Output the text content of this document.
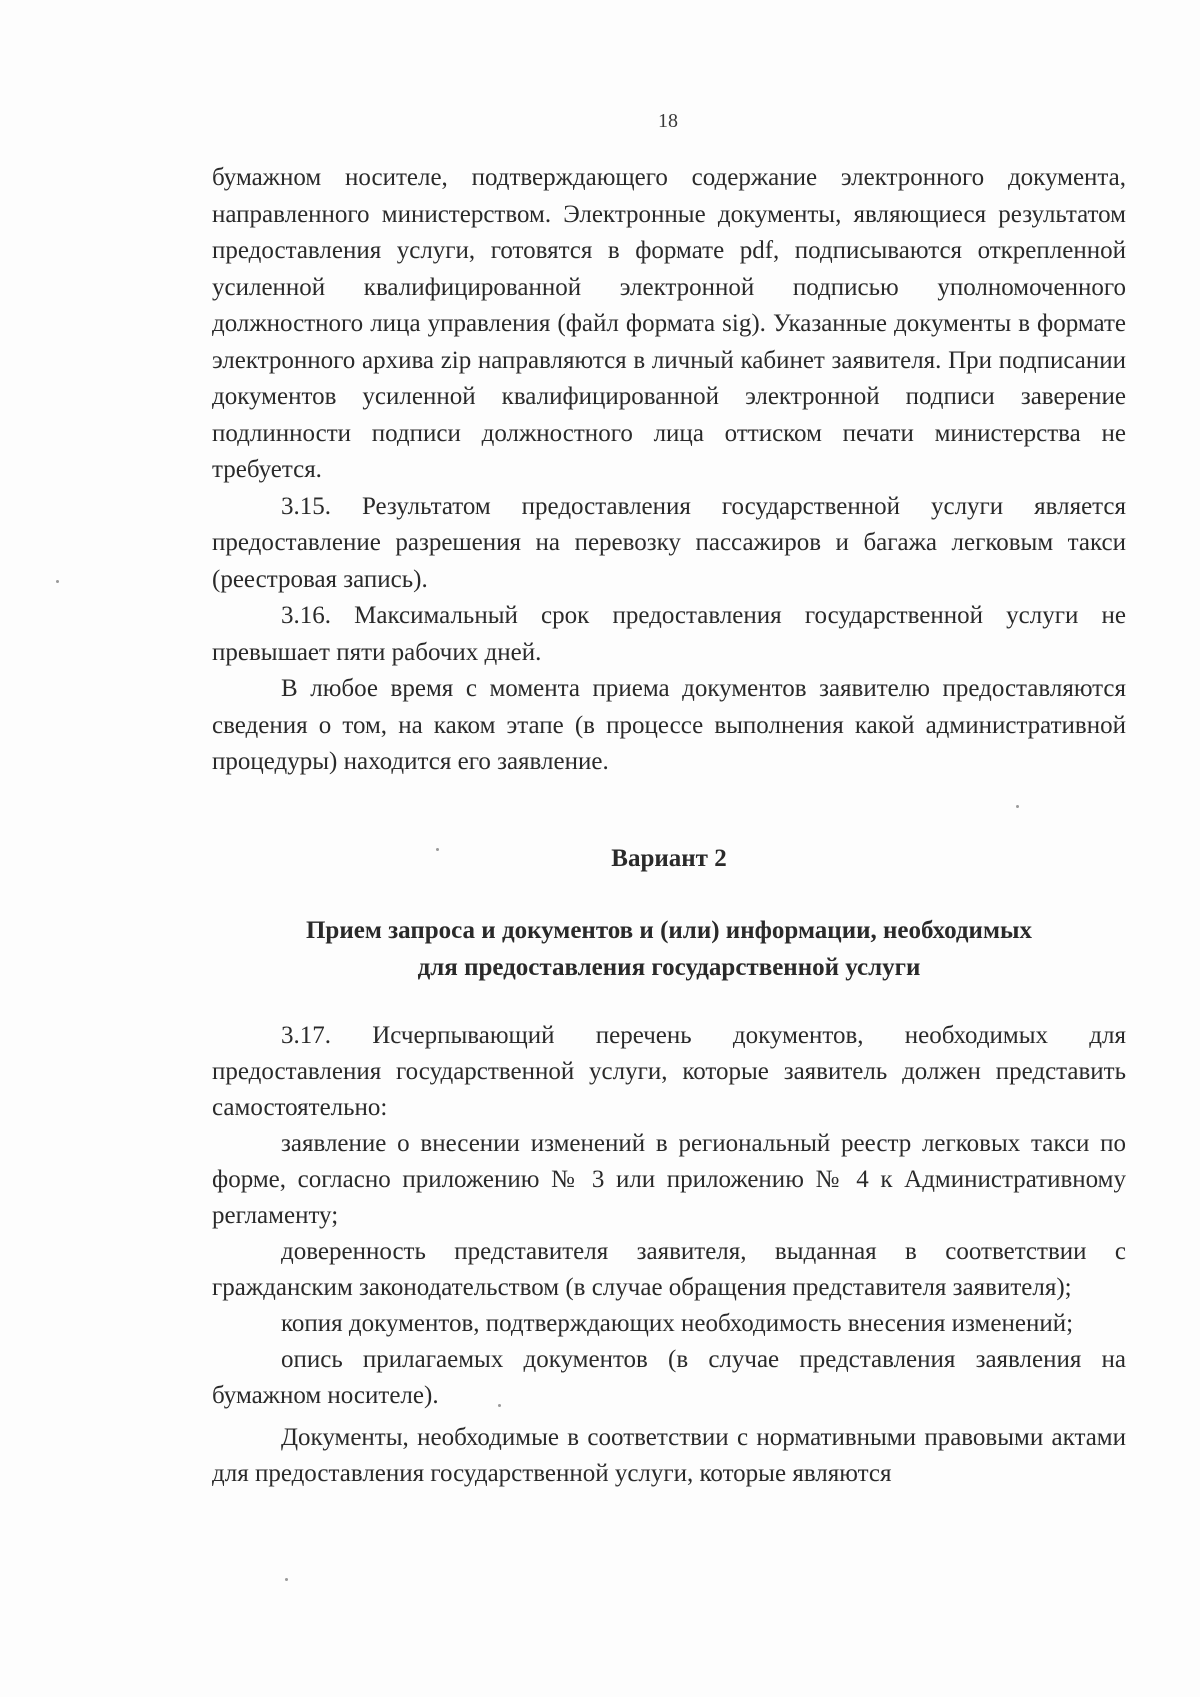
18

бумажном носителе, подтверждающего содержание электронного документа, направленного министерством. Электронные документы, являющиеся результатом предоставления услуги, готовятся в формате pdf, подписываются открепленной усиленной квалифицированной электронной подписью уполномоченного должностного лица управления (файл формата sig). Указанные документы в формате электронного архива zip направляются в личный кабинет заявителя. При подписании документов усиленной квалифицированной электронной подписи заверение подлинности подписи должностного лица оттиском печати министерства не требуется.

3.15. Результатом предоставления государственной услуги является предоставление разрешения на перевозку пассажиров и багажа легковым такси (реестровая запись).

3.16. Максимальный срок предоставления государственной услуги не превышает пяти рабочих дней.

В любое время с момента приема документов заявителю предоставляются сведения о том, на каком этапе (в процессе выполнения какой административной процедуры) находится его заявление.

Вариант 2
Прием запроса и документов и (или) информации, необходимых
для предоставления государственной услуги

3.17. Исчерпывающий перечень документов, необходимых для предоставления государственной услуги, которые заявитель должен представить самостоятельно:

заявление о внесении изменений в региональный реестр легковых такси по форме, согласно приложению № 3 или приложению № 4 к Административному регламенту;

доверенность представителя заявителя, выданная в соответствии с гражданским законодательством (в случае обращения представителя заявителя);

копия документов, подтверждающих необходимость внесения изменений;

опись прилагаемых документов (в случае представления заявления на бумажном носителе).

Документы, необходимые в соответствии с нормативными правовыми актами для предоставления государственной услуги, которые являются
